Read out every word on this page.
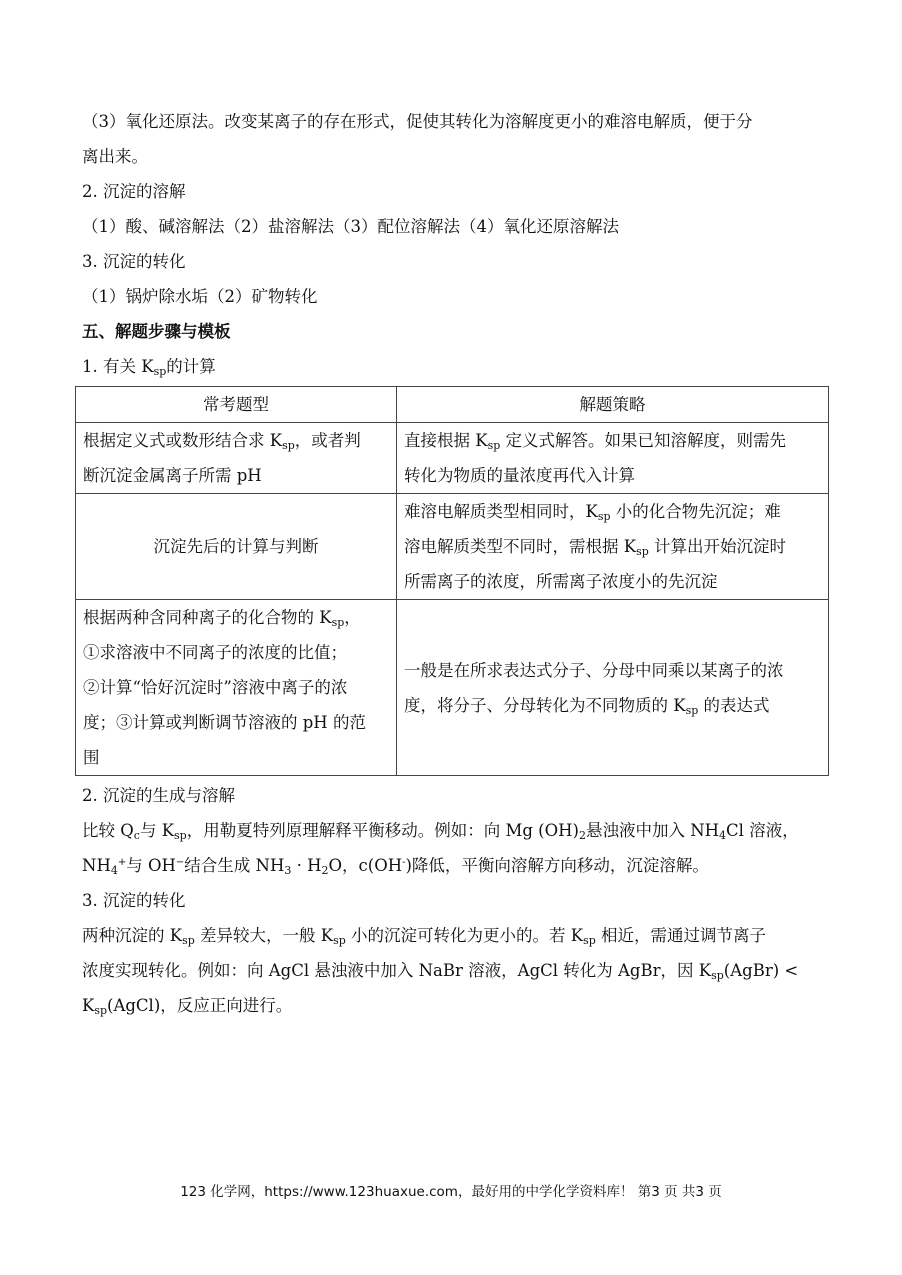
（3）氧化还原法。改变某离子的存在形式，促使其转化为溶解度更小的难溶电解质，便于分

离出来。

2. 沉淀的溶解

（1）酸、碱溶解法（2）盐溶解法（3）配位溶解法（4）氧化还原溶解法

3. 沉淀的转化

（1）锅炉除水垢（2）矿物转化

五、解题步骤与模板

1. 有关 $K_{sp}$的计算

常考题型	解题策略

根据定义式或数形结合求 $K_{sp}$，或者判
断沉淀金属离子所需 pH	直接根据 $K_{sp}$ 定义式解答。如果已知溶解度，则需先
转化为物质的量浓度再代入计算

沉淀先后的计算与判断	难溶电解质类型相同时，$K_{sp}$ 小的化合物先沉淀；难
溶电解质类型不同时，需根据 $K_{sp}$ 计算出开始沉淀时
所需离子的浓度，所需离子浓度小的先沉淀

根据两种含同种离子的化合物的 $K_{sp}$，
①求溶液中不同离子的浓度的比值；
②计算“恰好沉淀时”溶液中离子的浓
度；③计算或判断调节溶液的 pH 的范
围	一般是在所求表达式分子、分母中同乘以某离子的浓
度，将分子、分母转化为不同物质的 $K_{sp}$ 的表达式

2. 沉淀的生成与溶解

比较 $Q_c$与 $K_{sp}$，用勒夏特列原理解释平衡移动。例如：向 Mg $(OH)_2$悬浊液中加入 $NH_4Cl$ 溶液，

$NH_4^+$与 OH−结合生成 $NH_3 \cdot H_2O$，c(OH-)降低，平衡向溶解方向移动，沉淀溶解。

3. 沉淀的转化

两种沉淀的 $K_{sp}$ 差异较大，一般 $K_{sp}$ 小的沉淀可转化为更小的。若 $K_{sp}$ 相近，需通过调节离子

浓度实现转化。例如：向 AgCl 悬浊液中加入 NaBr 溶液，AgCl 转化为 AgBr，因 $K_{sp}(AgBr)$ <

$K_{sp}(AgCl)$，反应正向进行。

123 化学网，https://www.123huaxue.com，最好用的中学化学资料库！ 第3 页 共3 页
